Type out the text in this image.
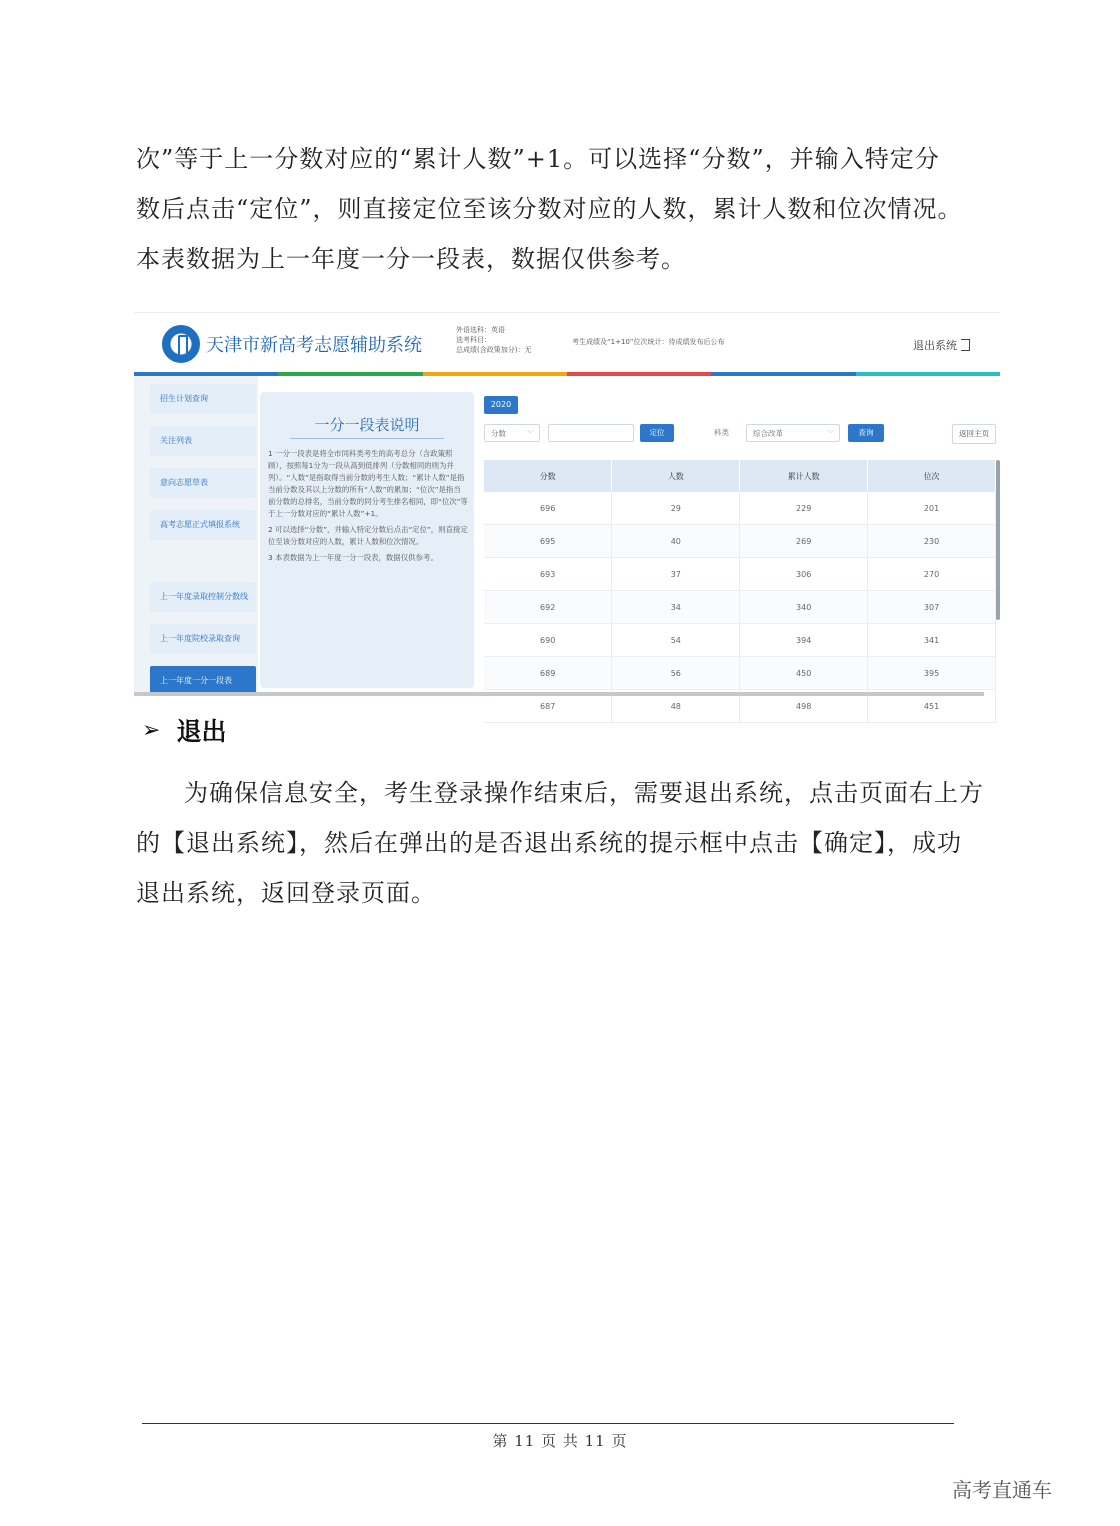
次”等于上一分数对应的“累计人数”+1。可以选择“分数”，并输入特定分
数后点击“定位”，则直接定位至该分数对应的人数，累计人数和位次情况。
本表数据为上一年度一分一段表，数据仅供参考。
天津市新高考志愿辅助系统
外语选科：英语
选考科目：
总成绩(含政策加分)：无
考生成绩及“1+10”位次统计：待成绩发布后公布	退出系统
招生计划查询
关注列表
意向志愿草表
高考志愿正式填报系统
上一年度录取控制分数线
上一年度院校录取查询
上一年度一分一段表
一分一段表说明

1 一分一段表是将全市同科类考生的高考总分（含政策照顾），按照每1分为一段从高到低排列（分数相同的则为并列）。“人数”是指取得当前分数的考生人数；“累计人数”是指当前分数及其以上分数的所有“人数”的累加；“位次”是指当前分数的总排名，当前分数的同分考生排名相同，即“位次”等于上一分数对应的“累计人数”+1。

2 可以选择“分数”，并输入特定分数后点击“定位”，则直接定位至该分数对应的人数，累计人数和位次情况。

3 本表数据为上一年度一分一段表，数据仅供参考。

2020
分数	﹀	定位	科类	综合改革	﹀	查询	返回主页
分数	人数	累计人数	位次
696	29	229	201
695	40	269	230
693	37	306	270
692	34	340	307
690	54	394	341
689	56	450	395
687	48	498	451
➢ 退出
为确保信息安全，考生登录操作结束后，需要退出系统，点击页面右上方
的【退出系统】，然后在弹出的是否退出系统的提示框中点击【确定】，成功
退出系统，返回登录页面。
第 11 页 共 11 页
高考直通车
